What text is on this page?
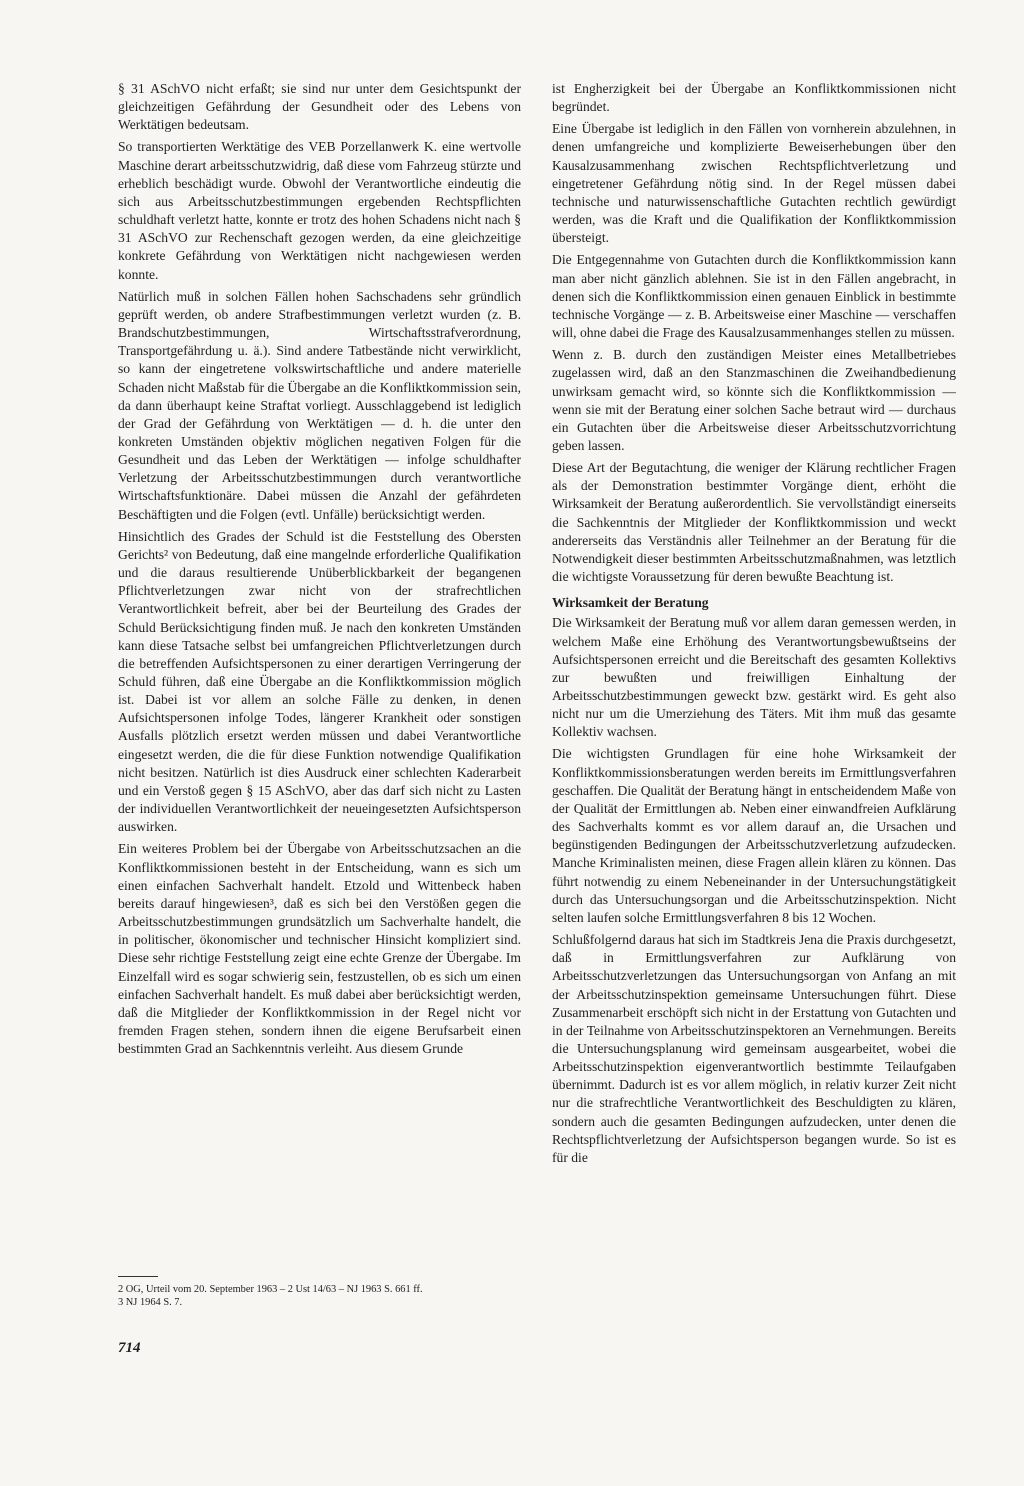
§ 31 ASchVO nicht erfaßt; sie sind nur unter dem Gesichtspunkt der gleichzeitigen Gefährdung der Gesundheit oder des Lebens von Werktätigen bedeutsam.

So transportierten Werktätige des VEB Porzellanwerk K. eine wertvolle Maschine derart arbeitsschutzwidrig, daß diese vom Fahrzeug stürzte und erheblich beschädigt wurde. Obwohl der Verantwortliche eindeutig die sich aus Arbeitsschutzbestimmungen ergebenden Rechtspflichten schuldhaft verletzt hatte, konnte er trotz des hohen Schadens nicht nach § 31 ASchVO zur Rechenschaft gezogen werden, da eine gleichzeitige konkrete Gefährdung von Werktätigen nicht nachgewiesen werden konnte.

Natürlich muß in solchen Fällen hohen Sachschadens sehr gründlich geprüft werden, ob andere Strafbestimmungen verletzt wurden (z. B. Brandschutzbestimmungen, Wirtschaftsstrafverordnung, Transportgefährdung u. ä.). Sind andere Tatbestände nicht verwirklicht, so kann der eingetretene volkswirtschaftliche und andere materielle Schaden nicht Maßstab für die Übergabe an die Konfliktkommission sein, da dann überhaupt keine Straftat vorliegt. Ausschlaggebend ist lediglich der Grad der Gefährdung von Werktätigen — d. h. die unter den konkreten Umständen objektiv möglichen negativen Folgen für die Gesundheit und das Leben der Werktätigen — infolge schuldhafter Verletzung der Arbeitsschutzbestimmungen durch verantwortliche Wirtschaftsfunktionäre. Dabei müssen die Anzahl der gefährdeten Beschäftigten und die Folgen (evtl. Unfälle) berücksichtigt werden.

Hinsichtlich des Grades der Schuld ist die Feststellung des Obersten Gerichts² von Bedeutung, daß eine mangelnde erforderliche Qualifikation und die daraus resultierende Unüberblickbarkeit der begangenen Pflichtverletzungen zwar nicht von der strafrechtlichen Verantwortlichkeit befreit, aber bei der Beurteilung des Grades der Schuld Berücksichtigung finden muß. Je nach den konkreten Umständen kann diese Tatsache selbst bei umfangreichen Pflichtverletzungen durch die betreffenden Aufsichtspersonen zu einer derartigen Verringerung der Schuld führen, daß eine Übergabe an die Konfliktkommission möglich ist. Dabei ist vor allem an solche Fälle zu denken, in denen Aufsichtspersonen infolge Todes, längerer Krankheit oder sonstigen Ausfalls plötzlich ersetzt werden müssen und dabei Verantwortliche eingesetzt werden, die die für diese Funktion notwendige Qualifikation nicht besitzen. Natürlich ist dies Ausdruck einer schlechten Kaderarbeit und ein Verstoß gegen § 15 ASchVO, aber das darf sich nicht zu Lasten der individuellen Verantwortlichkeit der neueingesetzten Aufsichtsperson auswirken.

Ein weiteres Problem bei der Übergabe von Arbeitsschutzsachen an die Konfliktkommissionen besteht in der Entscheidung, wann es sich um einen einfachen Sachverhalt handelt. Etzold und Wittenbeck haben bereits darauf hingewiesen³, daß es sich bei den Verstößen gegen die Arbeitsschutzbestimmungen grundsätzlich um Sachverhalte handelt, die in politischer, ökonomischer und technischer Hinsicht kompliziert sind. Diese sehr richtige Feststellung zeigt eine echte Grenze der Übergabe. Im Einzelfall wird es sogar schwierig sein, festzustellen, ob es sich um einen einfachen Sachverhalt handelt. Es muß dabei aber berücksichtigt werden, daß die Mitglieder der Konfliktkommission in der Regel nicht vor fremden Fragen stehen, sondern ihnen die eigene Berufsarbeit einen bestimmten Grad an Sachkenntnis verleiht. Aus diesem Grunde

ist Engherzigkeit bei der Übergabe an Konfliktkommissionen nicht begründet.

Eine Übergabe ist lediglich in den Fällen von vornherein abzulehnen, in denen umfangreiche und komplizierte Beweiserhebungen über den Kausalzusammenhang zwischen Rechtspflichtverletzung und eingetretener Gefährdung nötig sind. In der Regel müssen dabei technische und naturwissenschaftliche Gutachten rechtlich gewürdigt werden, was die Kraft und die Qualifikation der Konfliktkommission übersteigt.

Die Entgegennahme von Gutachten durch die Konfliktkommission kann man aber nicht gänzlich ablehnen. Sie ist in den Fällen angebracht, in denen sich die Konfliktkommission einen genauen Einblick in bestimmte technische Vorgänge — z. B. Arbeitsweise einer Maschine — verschaffen will, ohne dabei die Frage des Kausalzusammenhanges stellen zu müssen.

Wenn z. B. durch den zuständigen Meister eines Metallbetriebes zugelassen wird, daß an den Stanzmaschinen die Zweihandbedienung unwirksam gemacht wird, so könnte sich die Konfliktkommission — wenn sie mit der Beratung einer solchen Sache betraut wird — durchaus ein Gutachten über die Arbeitsweise dieser Arbeitsschutzvorrichtung geben lassen.

Diese Art der Begutachtung, die weniger der Klärung rechtlicher Fragen als der Demonstration bestimmter Vorgänge dient, erhöht die Wirksamkeit der Beratung außerordentlich. Sie vervollständigt einerseits die Sachkenntnis der Mitglieder der Konfliktkommission und weckt andererseits das Verständnis aller Teilnehmer an der Beratung für die Notwendigkeit dieser bestimmten Arbeitsschutzmaßnahmen, was letztlich die wichtigste Voraussetzung für deren bewußte Beachtung ist.

Wirksamkeit der Beratung

Die Wirksamkeit der Beratung muß vor allem daran gemessen werden, in welchem Maße eine Erhöhung des Verantwortungsbewußtseins der Aufsichtspersonen erreicht und die Bereitschaft des gesamten Kollektivs zur bewußten und freiwilligen Einhaltung der Arbeitsschutzbestimmungen geweckt bzw. gestärkt wird. Es geht also nicht nur um die Umerziehung des Täters. Mit ihm muß das gesamte Kollektiv wachsen.

Die wichtigsten Grundlagen für eine hohe Wirksamkeit der Konfliktkommissionsberatungen werden bereits im Ermittlungsverfahren geschaffen. Die Qualität der Beratung hängt in entscheidendem Maße von der Qualität der Ermittlungen ab. Neben einer einwandfreien Aufklärung des Sachverhalts kommt es vor allem darauf an, die Ursachen und begünstigenden Bedingungen der Arbeitsschutzverletzung aufzudecken. Manche Kriminalisten meinen, diese Fragen allein klären zu können. Das führt notwendig zu einem Nebeneinander in der Untersuchungstätigkeit durch das Untersuchungsorgan und die Arbeitsschutzinspektion. Nicht selten laufen solche Ermittlungsverfahren 8 bis 12 Wochen.

Schlußfolgernd daraus hat sich im Stadtkreis Jena die Praxis durchgesetzt, daß in Ermittlungsverfahren zur Aufklärung von Arbeitsschutzverletzungen das Untersuchungsorgan von Anfang an mit der Arbeitsschutzinspektion gemeinsame Untersuchungen führt. Diese Zusammenarbeit erschöpft sich nicht in der Erstattung von Gutachten und in der Teilnahme von Arbeitsschutzinspektoren an Vernehmungen. Bereits die Untersuchungsplanung wird gemeinsam ausgearbeitet, wobei die Arbeitsschutzinspektion eigenverantwortlich bestimmte Teilaufgaben übernimmt. Dadurch ist es vor allem möglich, in relativ kurzer Zeit nicht nur die strafrechtliche Verantwortlichkeit des Beschuldigten zu klären, sondern auch die gesamten Bedingungen aufzudecken, unter denen die Rechtspflichtverletzung der Aufsichtsperson begangen wurde. So ist es für die

2 OG, Urteil vom 20. September 1963 – 2 Ust 14/63 – NJ 1963 S. 661 ff.

3 NJ 1964 S. 7.

714
